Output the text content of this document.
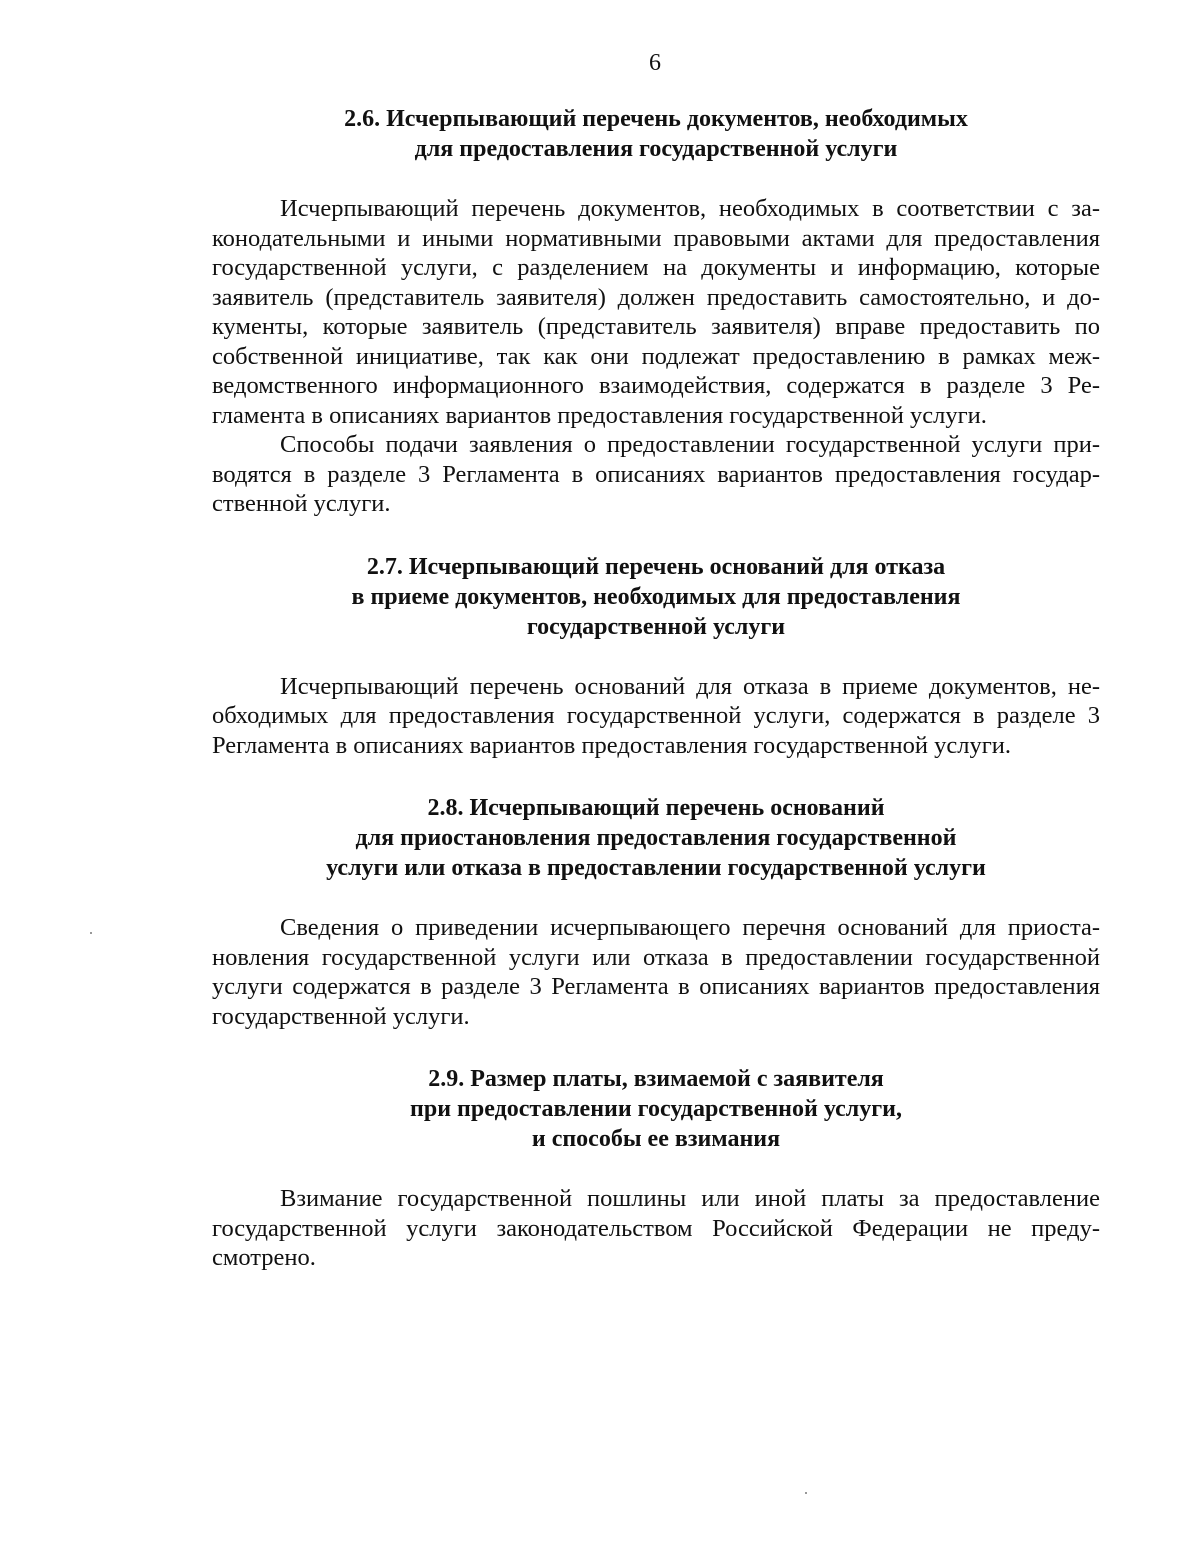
6
2.6. Исчерпывающий перечень документов, необходимых
для предоставления государственной услуги

Исчерпывающий перечень документов, необходимых в соответствии с законодательными и иными нормативными правовыми актами для предоставления государственной услуги, с разделением на документы и информацию, которые заявитель (представитель заявителя) должен предоставить самостоятельно, и документы, которые заявитель (представитель заявителя) вправе предоставить по собственной инициативе, так как они подлежат предоставлению в рамках межведомственного информационного взаимодействия, содержатся в разделе 3 Регламента в описаниях вариантов предоставления государственной услуги.

Способы подачи заявления о предоставлении государственной услуги приводятся в разделе 3 Регламента в описаниях вариантов предоставления государственной услуги.

2.7. Исчерпывающий перечень оснований для отказа
в приеме документов, необходимых для предоставления
государственной услуги

Исчерпывающий перечень оснований для отказа в приеме документов, необходимых для предоставления государственной услуги, содержатся в разделе 3 Регламента в описаниях вариантов предоставления государственной услуги.

2.8. Исчерпывающий перечень оснований
для приостановления предоставления государственной
услуги или отказа в предоставлении государственной услуги

Сведения о приведении исчерпывающего перечня оснований для приостановления государственной услуги или отказа в предоставлении государственной услуги содержатся в разделе 3 Регламента в описаниях вариантов предоставления государственной услуги.

2.9. Размер платы, взимаемой с заявителя
при предоставлении государственной услуги,
и способы ее взимания

Взимание государственной пошлины или иной платы за предоставление государственной услуги законодательством Российской Федерации не предусмотрено.
